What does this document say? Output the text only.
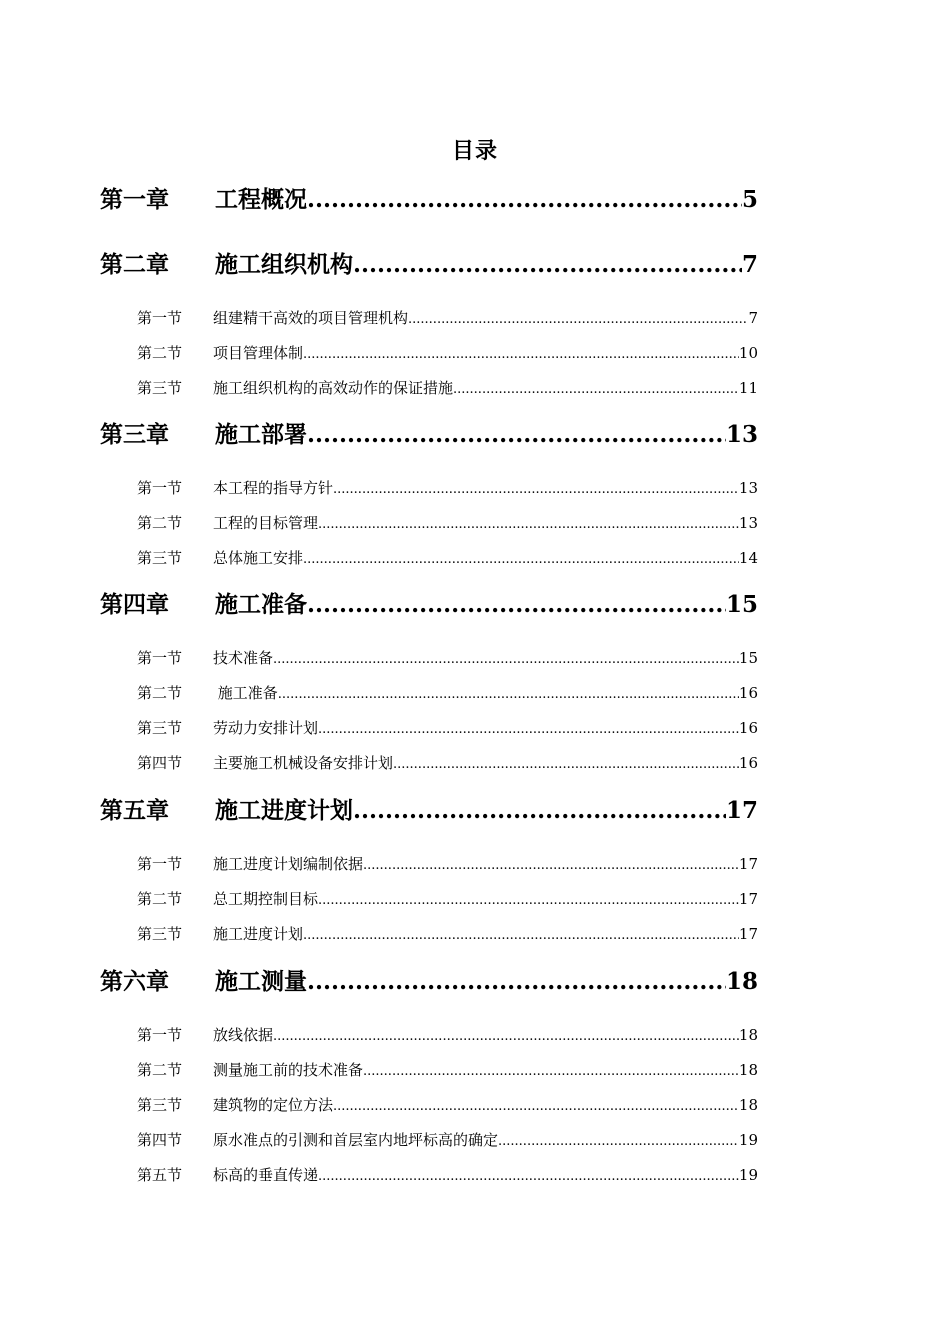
目录
第一章	工程概况 .....	5
第二章	施工组织机构 .....	7
第一节	组建精干高效的项目管理机构 .....	7
第二节	项目管理体制 .....	10
第三节	施工组织机构的高效动作的保证措施 .....	11
第三章	施工部署 .....	13
第一节	本工程的指导方针 .....	13
第二节	工程的目标管理 .....	13
第三节	总体施工安排 .....	14
第四章	施工准备 .....	15
第一节	技术准备 .....	15
第二节	施工准备 .....	16
第三节	劳动力安排计划 .....	16
第四节	主要施工机械设备安排计划 .....	16
第五章	施工进度计划 .....	17
第一节	施工进度计划编制依据 .....	17
第二节	总工期控制目标 .....	17
第三节	施工进度计划 .....	17
第六章	施工测量 .....	18
第一节	放线依据 .....	18
第二节	测量施工前的技术准备 .....	18
第三节	建筑物的定位方法 .....	18
第四节	原水准点的引测和首层室内地坪标高的确定 .....	19
第五节	标高的垂直传递 .....	19
